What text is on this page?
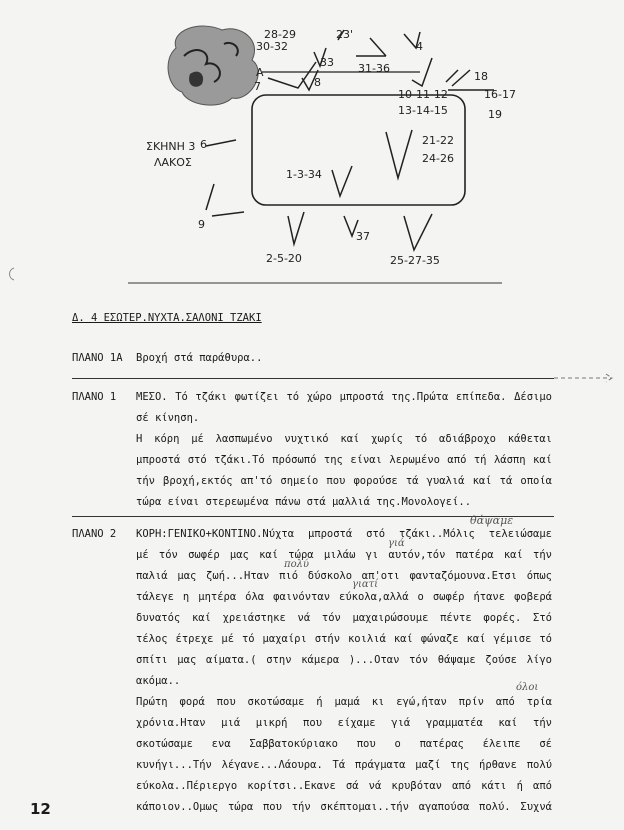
28-29
30-32
33
23'
4
A
7	8
31-36
10-11-12
18
16-17
13-14-15	19
ΣΚΗΝΗ 3 6
ΛΑΚΟΣ
21-22
24-26
1-3-34
9
37
2-5-20	25-27-35
Δ. 4 ΕΣΩΤΕΡ.ΝΥΧΤΑ.ΣΑΛΟΝΙ ΤΖΑΚΙ
ΠΛΑΝΟ 1Α Βροχή στά παράθυρα..
ΠΛΑΝΟ 1 ΜΕΣΟ. Τό τζάκι φωτίζει τό χώρο μπροστά της.Πρώτα επίπεδα. Δέσιμο
σέ κίνηση.
Η κόρη μέ λασπωμένο νυχτικό καί χωρίς τό αδιάβροχο κάθεται
μπροστά στό τζάκι.Τό πρόσωπό της είναι λερωμένο από τή λάσπη καί
τήν βροχή,εκτός απ'τό σημείο που φορούσε τά γυαλιά καί τά οποία
τώρα είναι στερεωμένα πάνω στά μαλλιά της.Μονολογεί..
ΠΛΑΝΟ 2 ΚΟΡΗ:ΓΕΝΙΚΟ+ΚΟΝΤΙΝΟ.Νύχτα μπροστά στό τζάκι..Μόλις τελειώσαμε
μέ τόν σωφέρ μας καί τώρα μιλάω γι αυτόν,τόν πατέρα καί τήν
παλιά μας ζωή...Ηταν πιό δύσκολο απ'οτι φανταζόμουνα.Ετσι όπως
τάλεγε η μητέρα όλα φαινόνταν εύκολα,αλλά ο σωφέρ ήτανε φοβερά
δυνατός καί χρειάστηκε νά τόν μαχαιρώσουμε πέντε φορές. Στό
τέλος έτρεχε μέ τό μαχαίρι στήν κοιλιά καί φώναζε καί γέμισε τό
σπίτι μας αίματα.( στην κάμερα )...Οταν τόν θάψαμε ζούσε λίγο
ακόμα..
Πρώτη φορά που σκοτώσαμε ή μαμά κι εγώ,ήταν πρίν από τρία
χρόνια.Ηταν μιά μικρή που είχαμε γιά γραμματέα καί τήν
σκοτώσαμε ενα Σαββατοκύριακο που ο πατέρας έλειπε σέ
κυνήγι...Τήν λέγανε...Λάουρα. Τά πράγματα μαζί της ήρθανε πολύ
εύκολα..Πέριεργο κορίτσι..Εκανε σά νά κρυβόταν από κάτι ή από
κάποιον..Ομως τώρα που τήν σκέπτομαι..τήν αγαπούσα πολύ. Συχνά
θάψαμε
γιά
πολύ
γιατί
όλοι
12
